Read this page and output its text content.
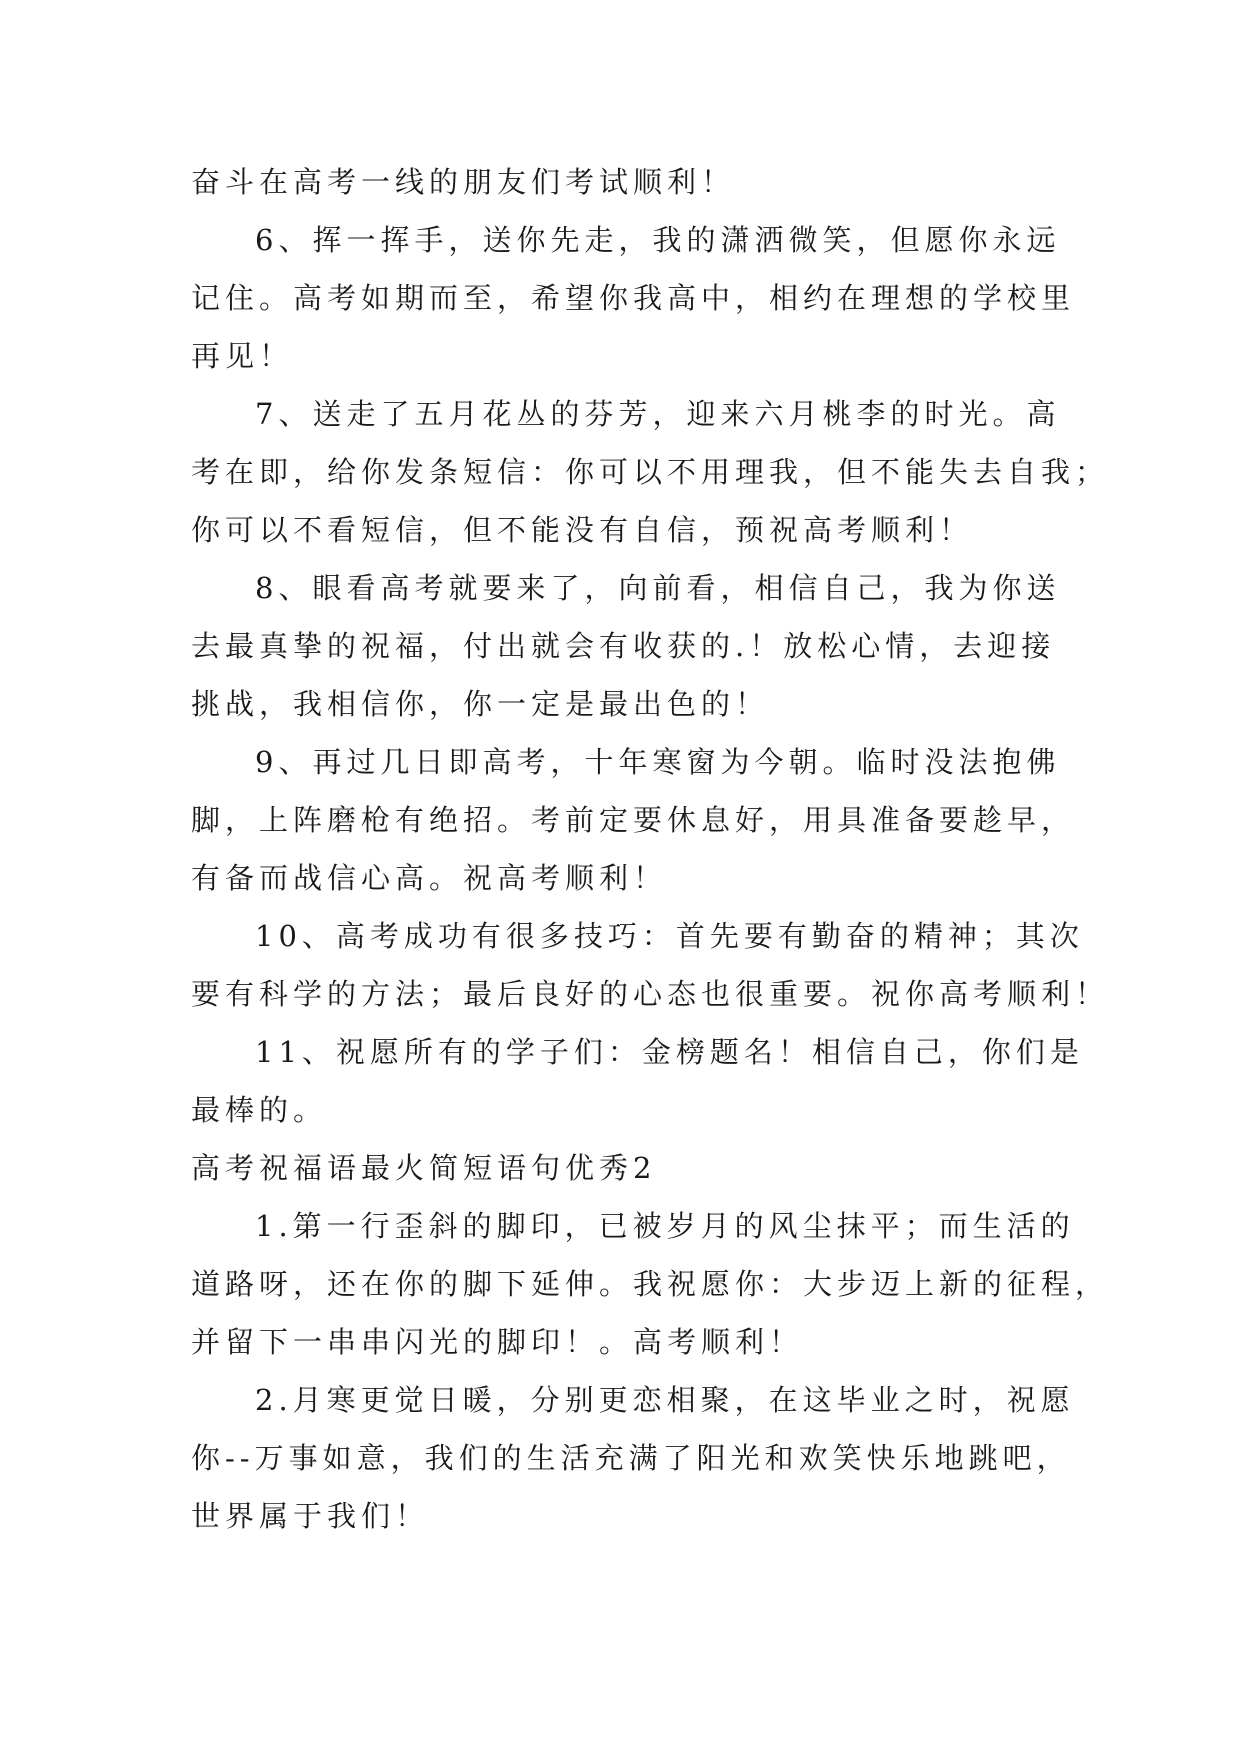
奋斗在高考一线的朋友们考试顺利！
6、挥一挥手，送你先走，我的潇洒微笑，但愿你永远
记住。高考如期而至，希望你我高中，相约在理想的学校里
再见！
7、送走了五月花丛的芬芳，迎来六月桃李的时光。高
考在即，给你发条短信：你可以不用理我，但不能失去自我；
你可以不看短信，但不能没有自信，预祝高考顺利！
8、眼看高考就要来了，向前看，相信自己，我为你送
去最真挚的祝福，付出就会有收获的.！放松心情，去迎接
挑战，我相信你，你一定是最出色的！
9、再过几日即高考，十年寒窗为今朝。临时没法抱佛
脚，上阵磨枪有绝招。考前定要休息好，用具准备要趁早，
有备而战信心高。祝高考顺利！
10、高考成功有很多技巧：首先要有勤奋的精神；其次
要有科学的方法；最后良好的心态也很重要。祝你高考顺利！
11、祝愿所有的学子们：金榜题名！相信自己，你们是
最棒的。
高考祝福语最火简短语句优秀2
1.第一行歪斜的脚印，已被岁月的风尘抹平；而生活的
道路呀，还在你的脚下延伸。我祝愿你：大步迈上新的征程，
并留下一串串闪光的脚印！。高考顺利！
2.月寒更觉日暖，分别更恋相聚，在这毕业之时，祝愿
你--万事如意，我们的生活充满了阳光和欢笑快乐地跳吧，
世界属于我们！
